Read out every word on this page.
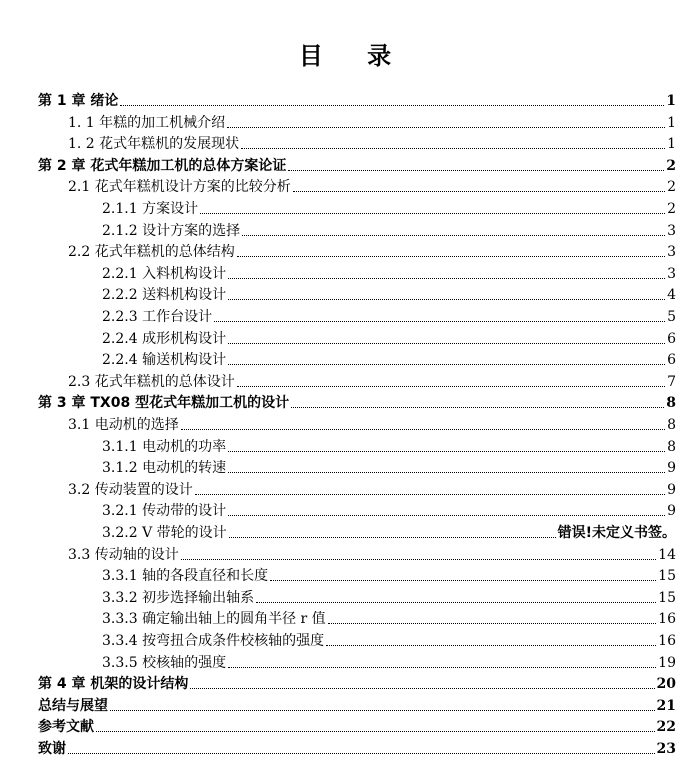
目 录
第 1 章 绪论	1
1. 1 年糕的加工机械介绍	1
1. 2 花式年糕机的发展现状	1
第 2 章 花式年糕加工机的总体方案论证	2
2.1 花式年糕机设计方案的比较分析	2
2.1.1 方案设计	2
2.1.2 设计方案的选择	3
2.2 花式年糕机的总体结构	3
2.2.1 入料机构设计	3
2.2.2 送料机构设计	4
2.2.3 工作台设计	5
2.2.4 成形机构设计	6
2.2.4 输送机构设计	6
2.3 花式年糕机的总体设计	7
第 3 章 TX08 型花式年糕加工机的设计	8
3.1 电动机的选择	8
3.1.1 电动机的功率	8
3.1.2 电动机的转速	9
3.2 传动装置的设计	9
3.2.1 传动带的设计	9
3.2.2 V 带轮的设计	错误!未定义书签。
3.3 传动轴的设计	14
3.3.1 轴的各段直径和长度	15
3.3.2 初步选择输出轴系	15
3.3.3 确定输出轴上的圆角半径 r 值	16
3.3.4 按弯扭合成条件校核轴的强度	16
3.3.5 校核轴的强度	19
第 4 章 机架的设计结构	20
总结与展望	21
参考文献	22
致谢	23
